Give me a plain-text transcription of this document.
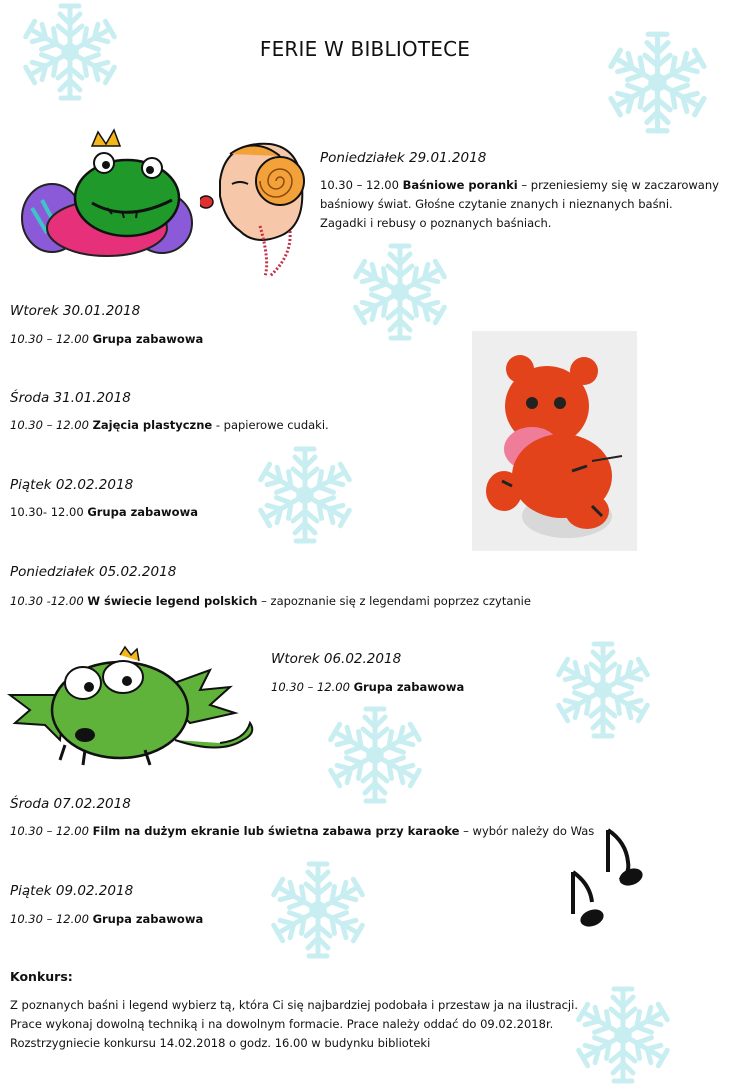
FERIE W BIBLIOTECE
Poniedziałek 29.01.2018
10.30 – 12.00 Baśniowe poranki – przeniesiemy się w zaczarowany
baśniowy świat. Głośne czytanie znanych i nieznanych baśni.
Zagadki i rebusy o poznanych baśniach.
Wtorek 30.01.2018
10.30 – 12.00 Grupa zabawowa
Środa 31.01.2018
10.30 – 12.00 Zajęcia plastyczne - papierowe cudaki.
Piątek 02.02.2018
10.30- 12.00 Grupa zabawowa
Poniedziałek 05.02.2018
10.30 -12.00 W świecie legend polskich – zapoznanie się z legendami poprzez czytanie
Wtorek 06.02.2018
10.30 – 12.00 Grupa zabawowa
Środa 07.02.2018
10.30 – 12.00 Film na dużym ekranie lub świetna zabawa przy karaoke – wybór należy do Was
Piątek 09.02.2018
10.30 – 12.00 Grupa zabawowa
Konkurs:
Z poznanych baśni i legend wybierz tą, która Ci się najbardziej podobała i przestaw ja na ilustracji.
Prace wykonaj dowolną techniką i na dowolnym formacie. Prace należy oddać do 09.02.2018r.
Rozstrzygniecie konkursu 14.02.2018 o godz. 16.00 w budynku biblioteki
